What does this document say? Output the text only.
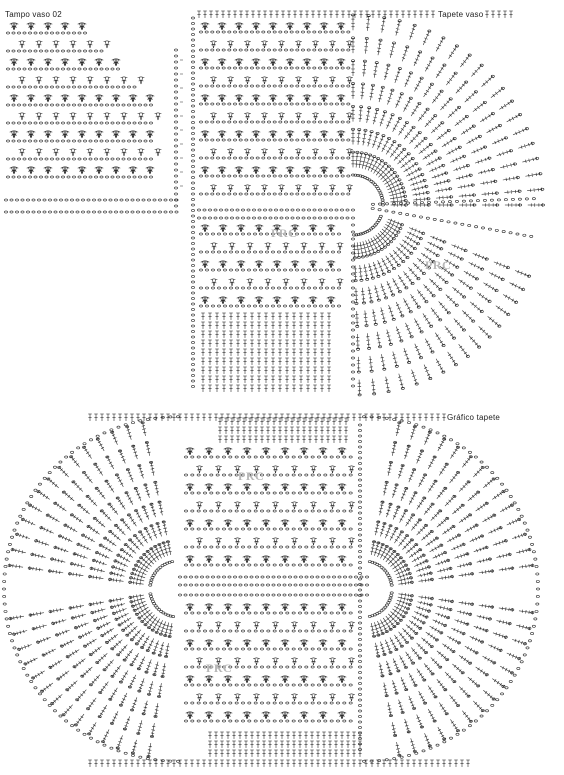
Tampo vaso 02	Tapete vaso
PRC
PRC
Gráfico tapete
PRC
PRC
